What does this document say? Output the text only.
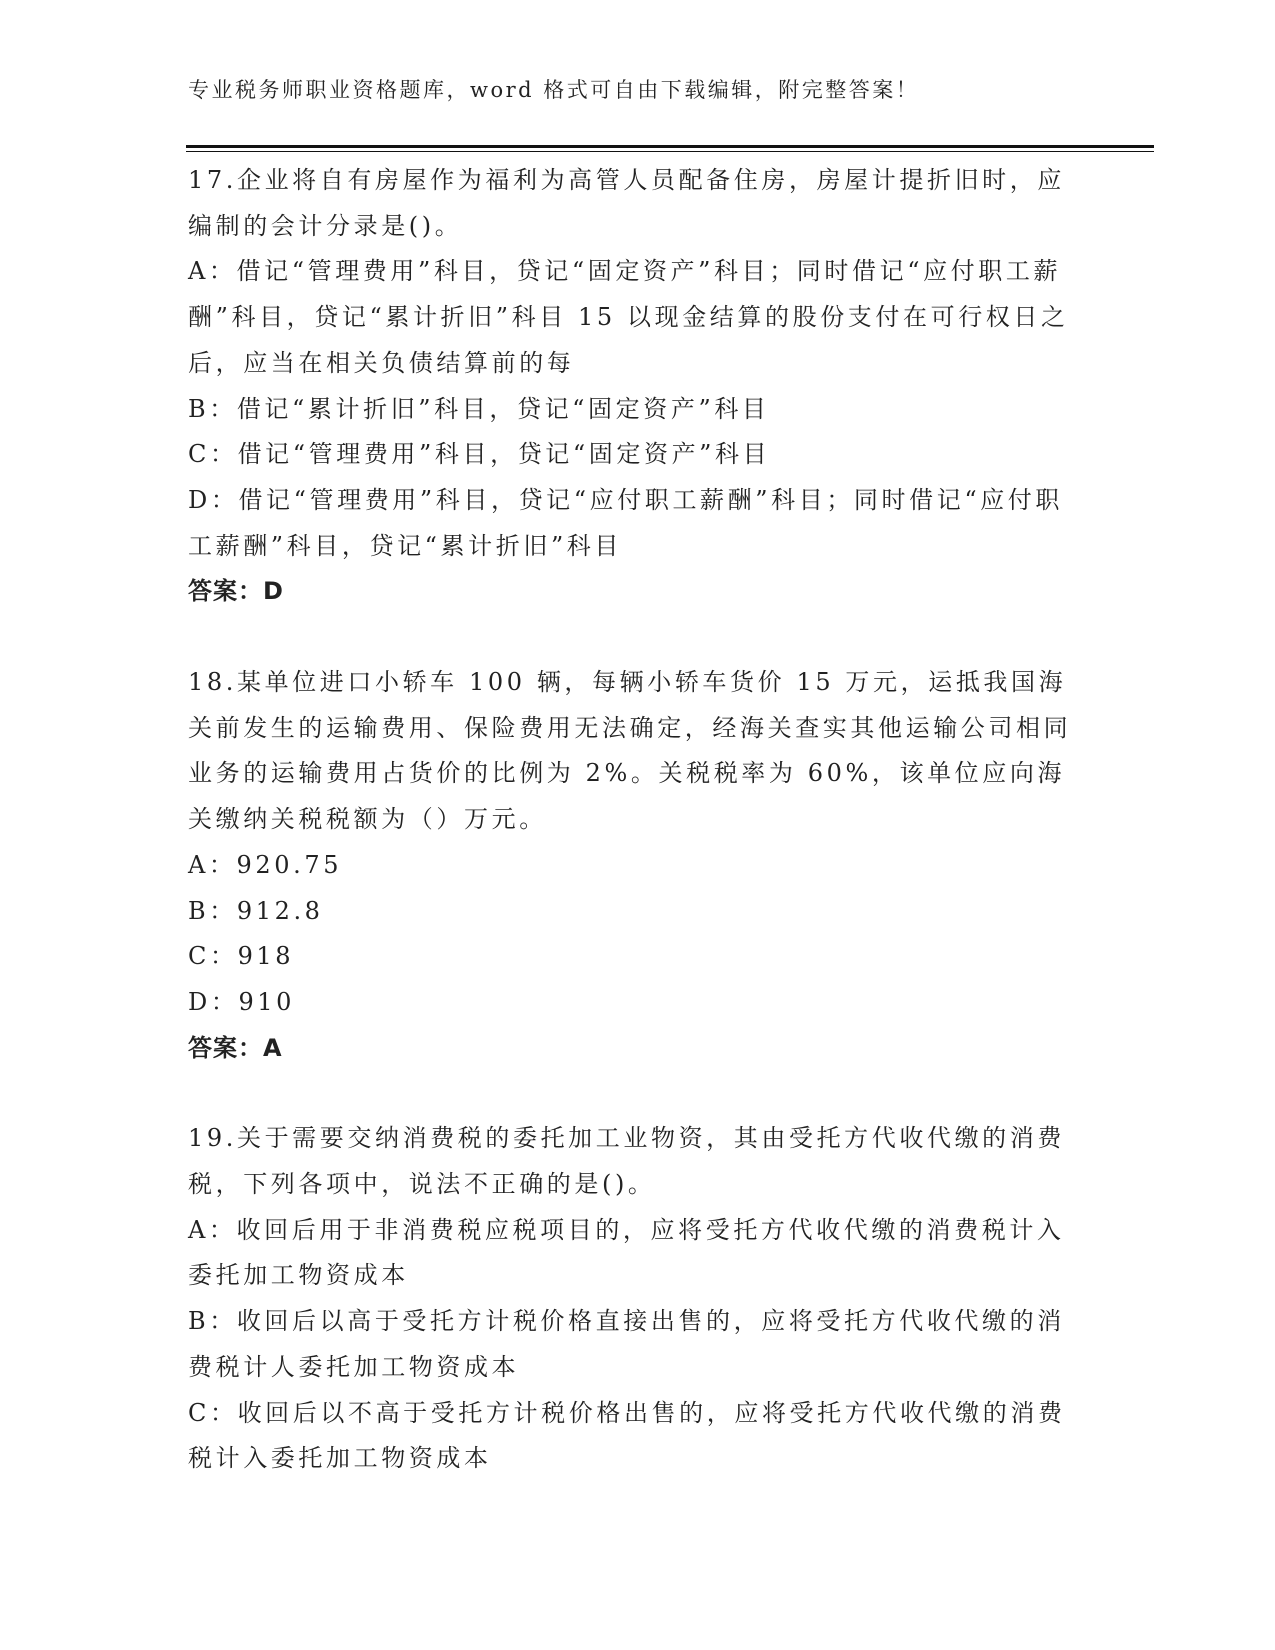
专业税务师职业资格题库，word 格式可自由下载编辑，附完整答案！

17.企业将自有房屋作为福利为高管人员配备住房，房屋计提折旧时，应编制的会计分录是()。

A：借记“管理费用”科目，贷记“固定资产”科目；同时借记“应付职工薪酬”科目，贷记“累计折旧”科目 15 以现金结算的股份支付在可行权日之后，应当在相关负债结算前的每

B：借记“累计折旧”科目，贷记“固定资产”科目

C：借记“管理费用”科目，贷记“固定资产”科目

D：借记“管理费用”科目，贷记“应付职工薪酬”科目；同时借记“应付职工薪酬”科目，贷记“累计折旧”科目

答案：D

18.某单位进口小轿车 100 辆，每辆小轿车货价 15 万元，运抵我国海关前发生的运输费用、保险费用无法确定，经海关查实其他运输公司相同业务的运输费用占货价的比例为 2%。关税税率为 60%，该单位应向海关缴纳关税税额为（）万元。

A：920.75

B：912.8

C：918

D：910

答案：A

19.关于需要交纳消费税的委托加工业物资，其由受托方代收代缴的消费税，下列各项中，说法不正确的是()。

A：收回后用于非消费税应税项目的，应将受托方代收代缴的消费税计入委托加工物资成本

B：收回后以高于受托方计税价格直接出售的，应将受托方代收代缴的消费税计人委托加工物资成本

C：收回后以不高于受托方计税价格出售的，应将受托方代收代缴的消费税计入委托加工物资成本
